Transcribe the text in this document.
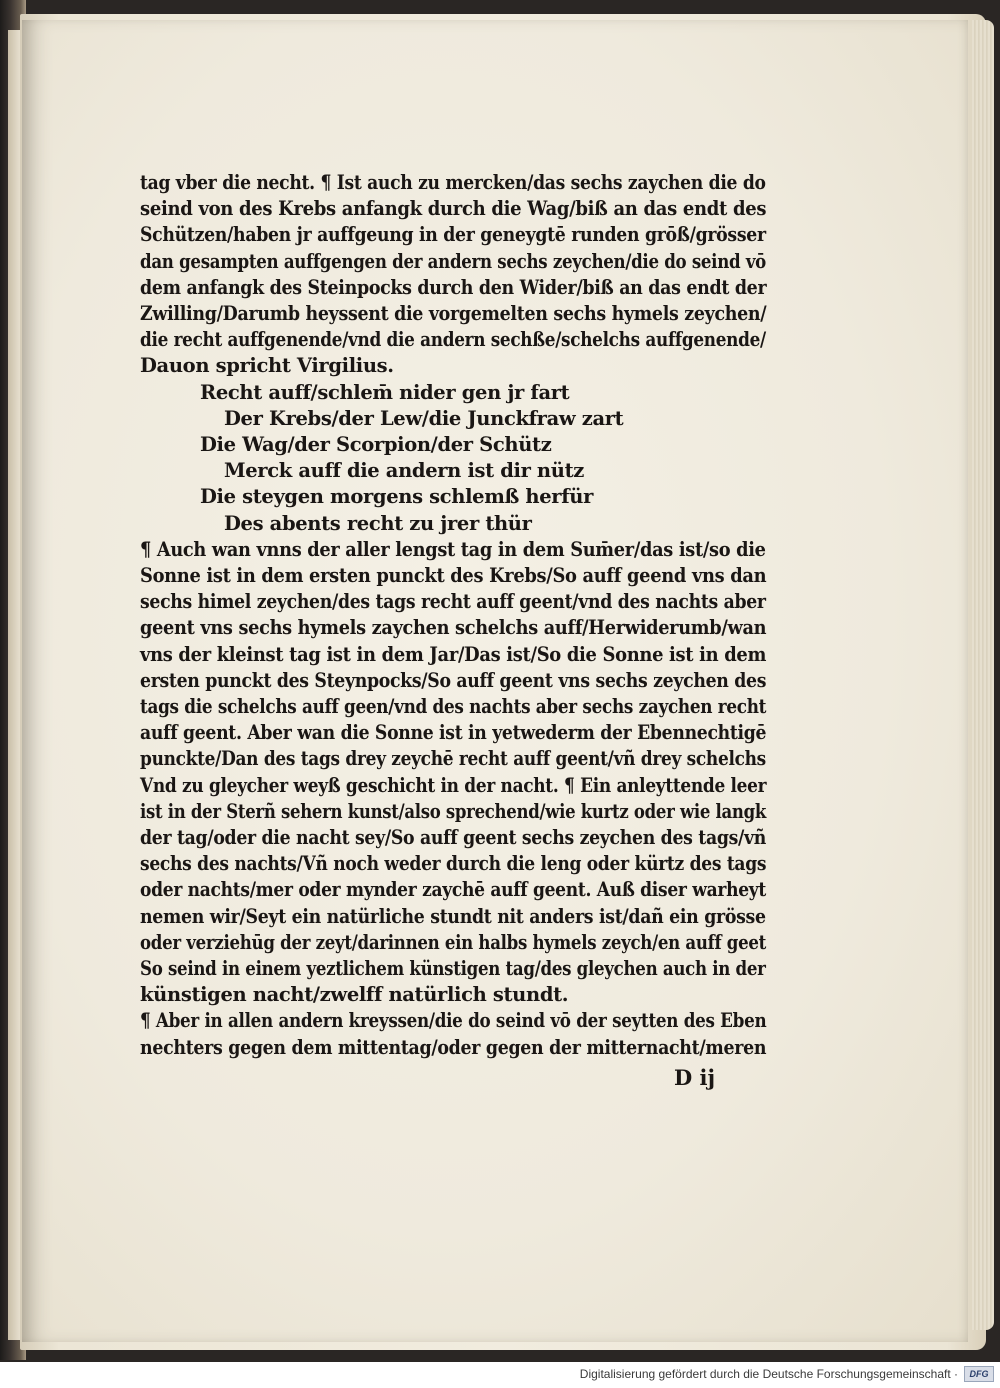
tag vber die necht. ¶ Ist auch zu mercken/das sechs zaychen die do
seind von des Krebs anfangk durch die Wag/biß an das endt des
Schützen/haben jr auffgeung in der geneygtē runden grōß/grösser
dan gesampten auffgengen der andern sechs zeychen/die do seind vō
dem anfangk des Steinpocks durch den Wider/biß an das endt der
Zwilling/Darumb heyssent die vorgemelten sechs hymels zeychen/
die recht auffgenende/vnd die andern sechße/schelchs auffgenende/
Dauon spricht Virgilius.
Recht auff/schlem̄ nider gen jr fart
Der Krebs/der Lew/die Junckfraw zart
Die Wag/der Scorpion/der Schütz
Merck auff die andern ist dir nütz
Die steygen morgens schlemß herfür
Des abents recht zu jrer thür
¶ Auch wan vnns der aller lengst tag in dem Sum̄er/das ist/so die
Sonne ist in dem ersten punckt des Krebs/So auff geend vns dan
sechs himel zeychen/des tags recht auff geent/vnd des nachts aber
geent vns sechs hymels zaychen schelchs auff/Herwiderumb/wan
vns der kleinst tag ist in dem Jar/Das ist/So die Sonne ist in dem
ersten punckt des Steynpocks/So auff geent vns sechs zeychen des
tags die schelchs auff geen/vnd des nachts aber sechs zaychen recht
auff geent. Aber wan die Sonne ist in yetwederm der Ebennechtigē
punckte/Dan des tags drey zeychē recht auff geent/vñ drey schelchs
Vnd zu gleycher weyß geschicht in der nacht. ¶ Ein anleyttende leer
ist in der Sterñ sehern kunst/also sprechend/wie kurtz oder wie langk
der tag/oder die nacht sey/So auff geent sechs zeychen des tags/vñ
sechs des nachts/Vñ noch weder durch die leng oder kürtz des tags
oder nachts/mer oder mynder zaychē auff geent. Auß diser warheyt
nemen wir/Seyt ein natürliche stundt nit anders ist/dañ ein grösse
oder verziehūg der zeyt/darinnen ein halbs hymels zeych/en auff geet
So seind in einem yeztlichem künstigen tag/des gleychen auch in der
künstigen nacht/zwelff natürlich stundt.
¶ Aber in allen andern kreyssen/die do seind vō der seytten des Eben
nechters gegen dem mittentag/oder gegen der mitternacht/meren
D ij
Digitalisierung gefördert durch die Deutsche Forschungsgemeinschaft ·	DFG
